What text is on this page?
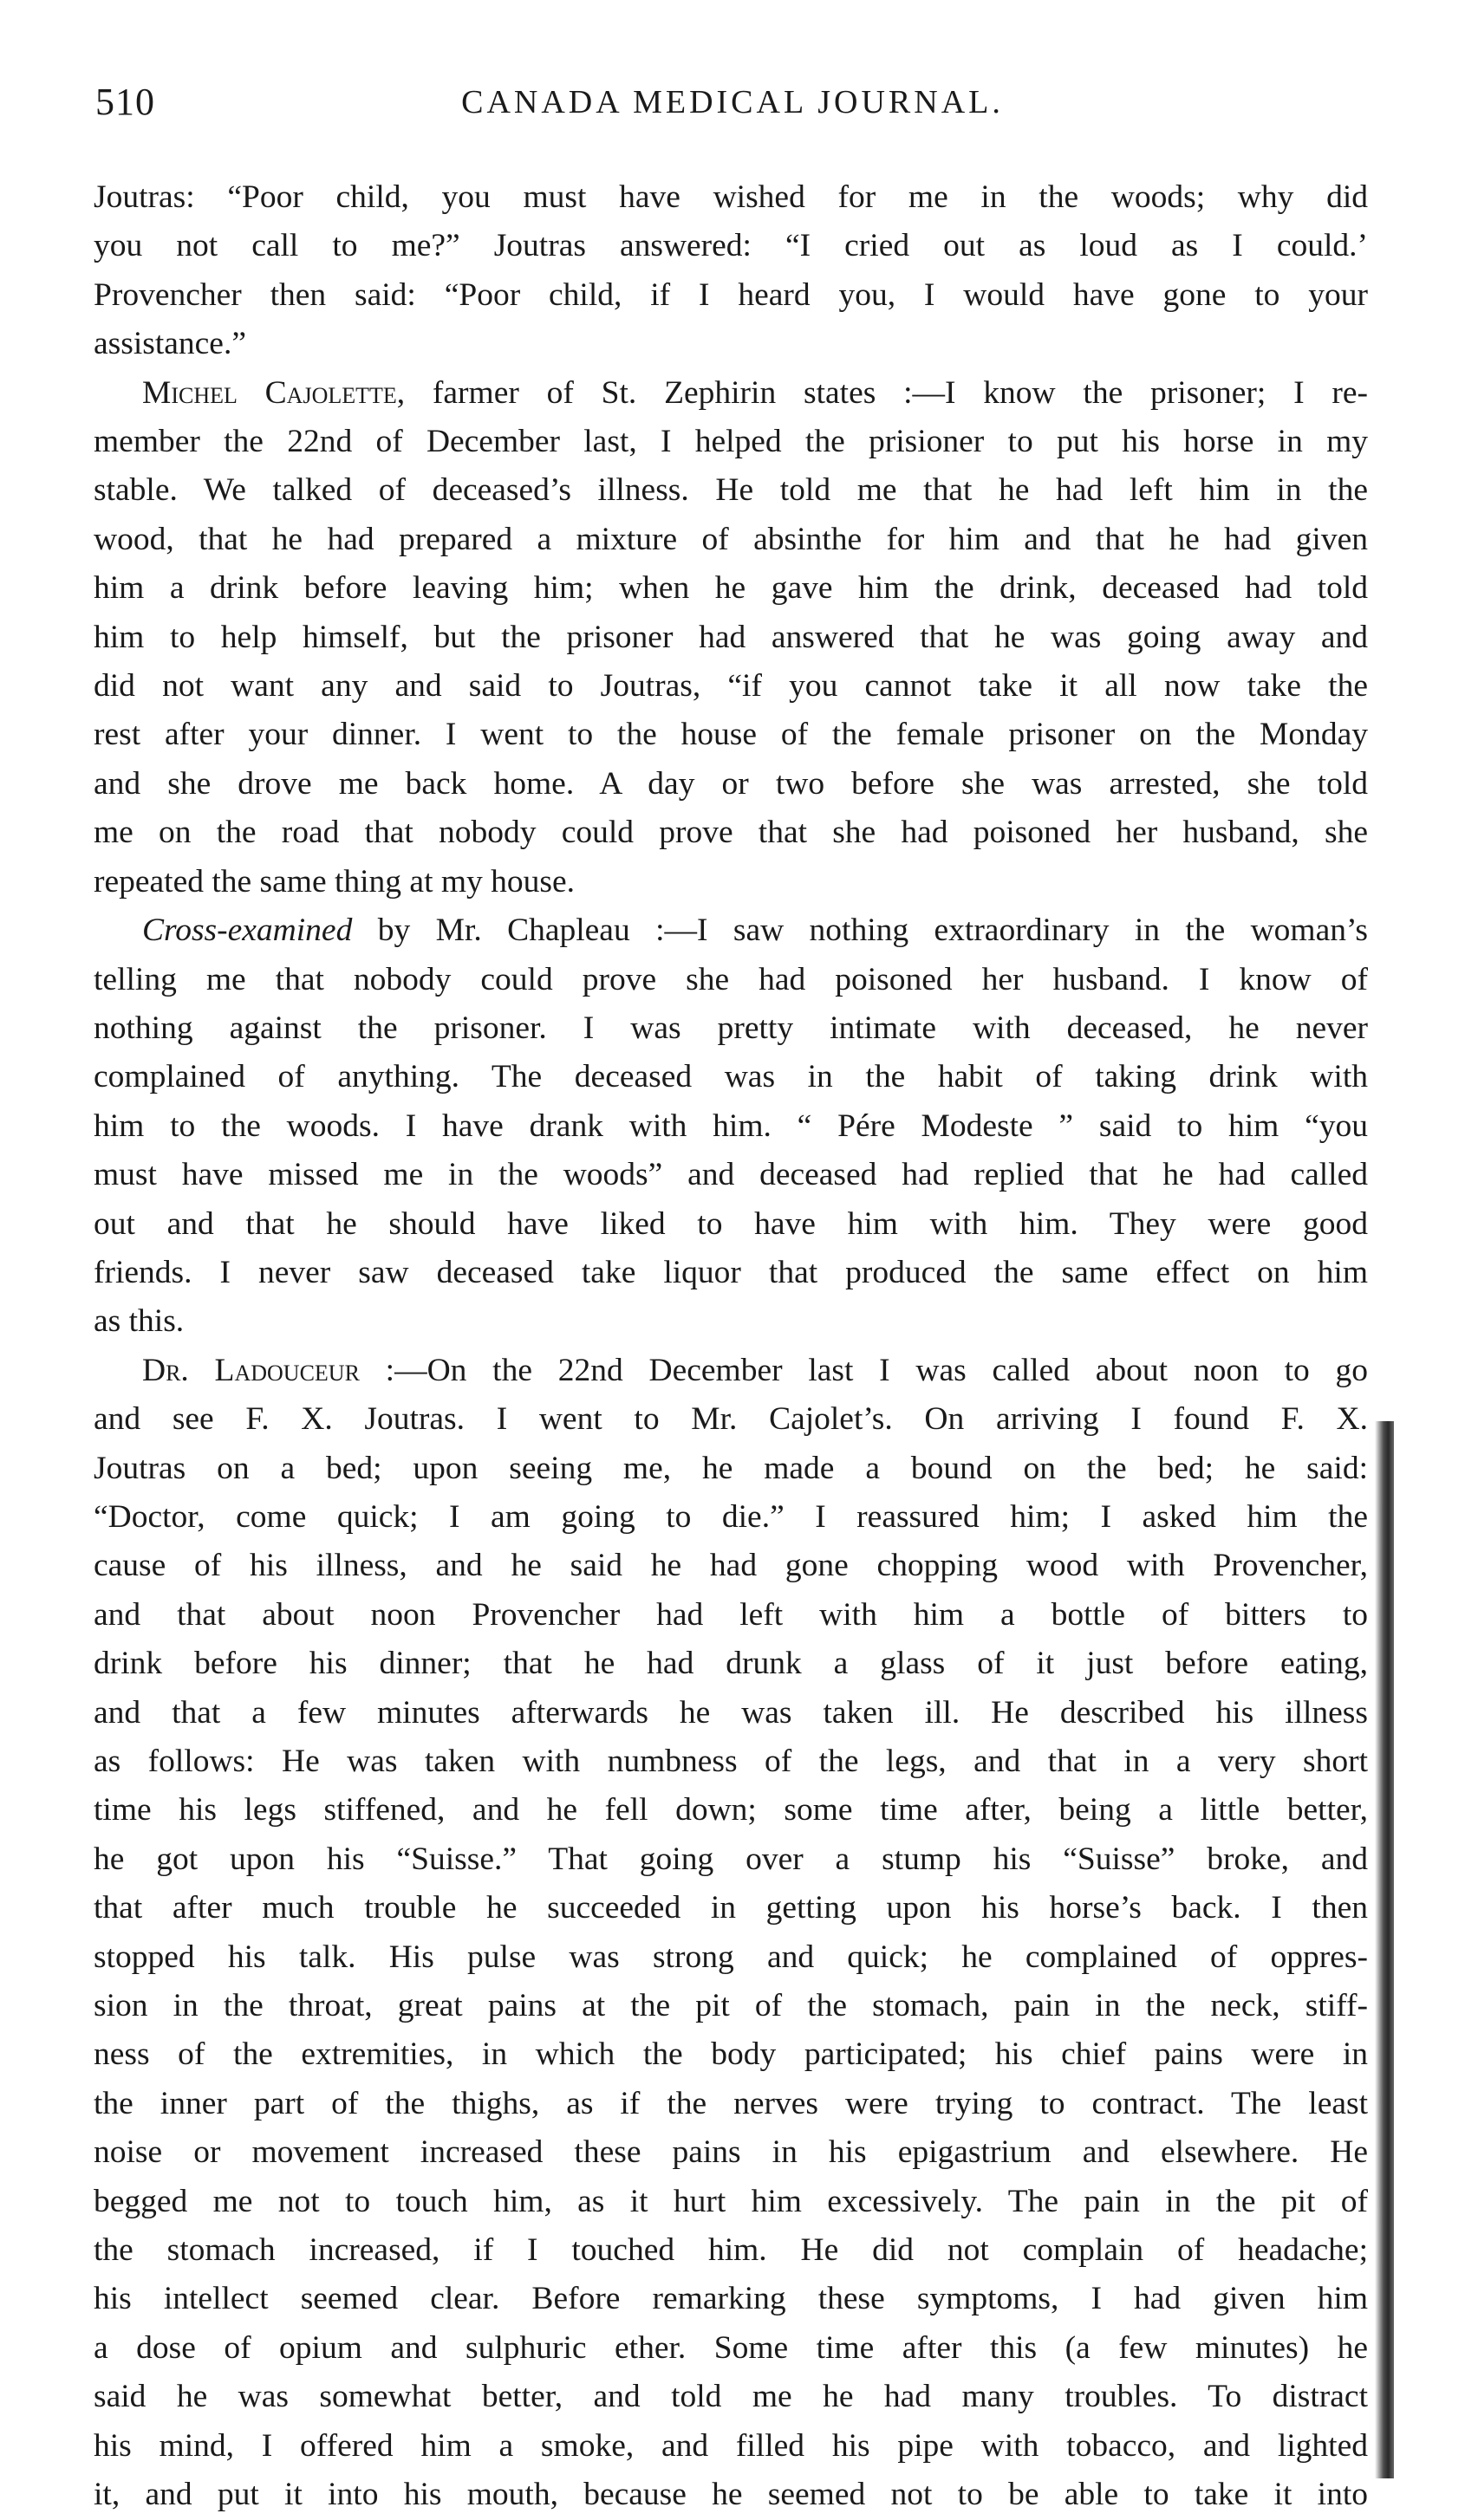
510	CANADA MEDICAL JOURNAL.

Joutras: “Poor child, you must have wished for me in the woods; why did

you not call to me?” Joutras answered: “I cried out as loud as I could.’

Provencher then said: “Poor child, if I heard you, I would have gone to your

assistance.”

Michel Cajolette, farmer of St. Zephirin states :—I know the prisoner; I re-

member the 22nd of December last, I helped the prisioner to put his horse in my

stable. We talked of deceased’s illness. He told me that he had left him in the

wood, that he had prepared a mixture of absinthe for him and that he had given

him a drink before leaving him; when he gave him the drink, deceased had told

him to help himself, but the prisoner had answered that he was going away and

did not want any and said to Joutras, “if you cannot take it all now take the

rest after your dinner. I went to the house of the female prisoner on the Monday

and she drove me back home. A day or two before she was arrested, she told

me on the road that nobody could prove that she had poisoned her husband, she

repeated the same thing at my house.

Cross-examined by Mr. Chapleau :—I saw nothing extraordinary in the woman’s

telling me that nobody could prove she had poisoned her husband. I know of

nothing against the prisoner. I was pretty intimate with deceased, he never

complained of anything. The deceased was in the habit of taking drink with

him to the woods. I have drank with him. “ Pére Modeste ” said to him “you

must have missed me in the woods” and deceased had replied that he had called

out and that he should have liked to have him with him. They were good

friends. I never saw deceased take liquor that produced the same effect on him

as this.

Dr. Ladouceur :—On the 22nd December last I was called about noon to go

and see F. X. Joutras. I went to Mr. Cajolet’s. On arriving I found F. X.

Joutras on a bed; upon seeing me, he made a bound on the bed; he said:

“Doctor, come quick; I am going to die.” I reassured him; I asked him the

cause of his illness, and he said he had gone chopping wood with Provencher,

and that about noon Provencher had left with him a bottle of bitters to

drink before his dinner; that he had drunk a glass of it just before eating,

and that a few minutes afterwards he was taken ill. He described his illness

as follows: He was taken with numbness of the legs, and that in a very short

time his legs stiffened, and he fell down; some time after, being a little better,

he got upon his “Suisse.” That going over a stump his “Suisse” broke, and

that after much trouble he succeeded in getting upon his horse’s back. I then

stopped his talk. His pulse was strong and quick; he complained of oppres-

sion in the throat, great pains at the pit of the stomach, pain in the neck, stiff-

ness of the extremities, in which the body participated; his chief pains were in

the inner part of the thighs, as if the nerves were trying to contract. The least

noise or movement increased these pains in his epigastrium and elsewhere. He

begged me not to touch him, as it hurt him excessively. The pain in the pit of

the stomach increased, if I touched him. He did not complain of headache;

his intellect seemed clear. Before remarking these symptoms, I had given him

a dose of opium and sulphuric ether. Some time after this (a few minutes) he

said he was somewhat better, and told me he had many troubles. To distract

his mind, I offered him a smoke, and filled his pipe with tobacco, and lighted

it, and put it into his mouth, because he seemed not to be able to take it into
